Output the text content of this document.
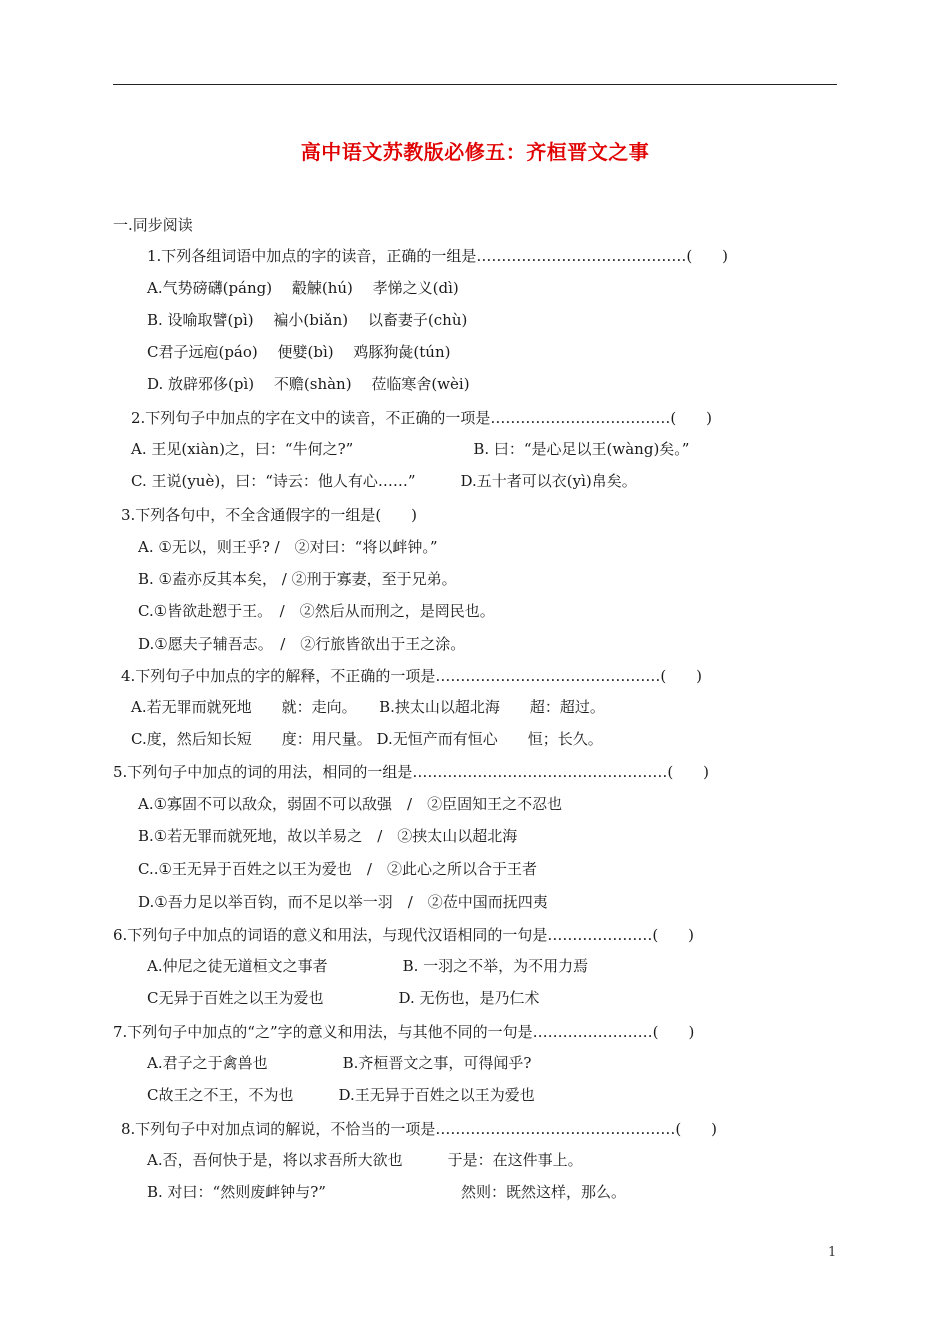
高中语文苏教版必修五：齐桓晋文之事
一.同步阅读
1.下列各组词语中加点的字的读音，正确的一组是……………………………………(　　)
A.气势磅礴(páng)　 觳觫(hú)　 孝悌之义(dì)
B. 设喻取譬(pì)　 褊小(biǎn)　 以畜妻子(chù)
C君子远庖(páo)　 便嬖(bì)　 鸡豚狗彘(tún)
D. 放辟邪侈(pì)　 不赡(shàn)　 莅临寒舍(wèi)
2.下列句子中加点的字在文中的读音，不正确的一项是………………………………(　　)
A. 王见(xiàn)之，曰：“牛何之?”　　　　　　　　B. 曰：“是心足以王(wàng)矣。”
C. 王说(yuè)，曰：“诗云：他人有心……”　　　D.五十者可以衣(yì)帛矣。
3.下列各句中，不全含通假字的一组是(　　)
A. ①无以，则王乎? /　②对曰：“将以衅钟。”
B. ①盍亦反其本矣， / ②刑于寡妻，至于兄弟。
C.①皆欲赴愬于王。　/　②然后从而刑之，是罔民也。
D.①愿夫子辅吾志。　/　②行旅皆欲出于王之涂。
4.下列句子中加点的字的解释，不正确的一项是………………………………………(　　)
A.若无罪而就死地　　就：走向。　　B.挟太山以超北海　　超：超过。
C.度，然后知长短　　度：用尺量。 D.无恒产而有恒心　　恒；长久。
5.下列句子中加点的词的用法，相同的一组是……………………………………………(　　)
A.①寡固不可以敌众，弱固不可以敌强　/　②臣固知王之不忍也
B.①若无罪而就死地，故以羊易之　/　②挟太山以超北海
C..①王无异于百姓之以王为爱也　/　②此心之所以合于王者
D.①吾力足以举百钧，而不足以举一羽　/　②莅中国而抚四夷
6.下列句子中加点的词语的意义和用法，与现代汉语相同的一句是…………………(　　)
A.仲尼之徒无道桓文之事者　　　　　B. 一羽之不举，为不用力焉
C无异于百姓之以王为爱也　　　　　D. 无伤也，是乃仁术
7.下列句子中加点的“之”字的意义和用法，与其他不同的一句是……………………(　　)
A.君子之于禽兽也　　　　　B.齐桓晋文之事，可得闻乎?
C故王之不王，不为也　　　D.王无异于百姓之以王为爱也
8.下列句子中对加点词的解说，不恰当的一项是…………………………………………(　　)
A.否，吾何快于是，将以求吾所大欲也　　　于是：在这件事上。
B. 对曰：“然则废衅钟与?”　　　　　　　　　然则：既然这样，那么。
1
